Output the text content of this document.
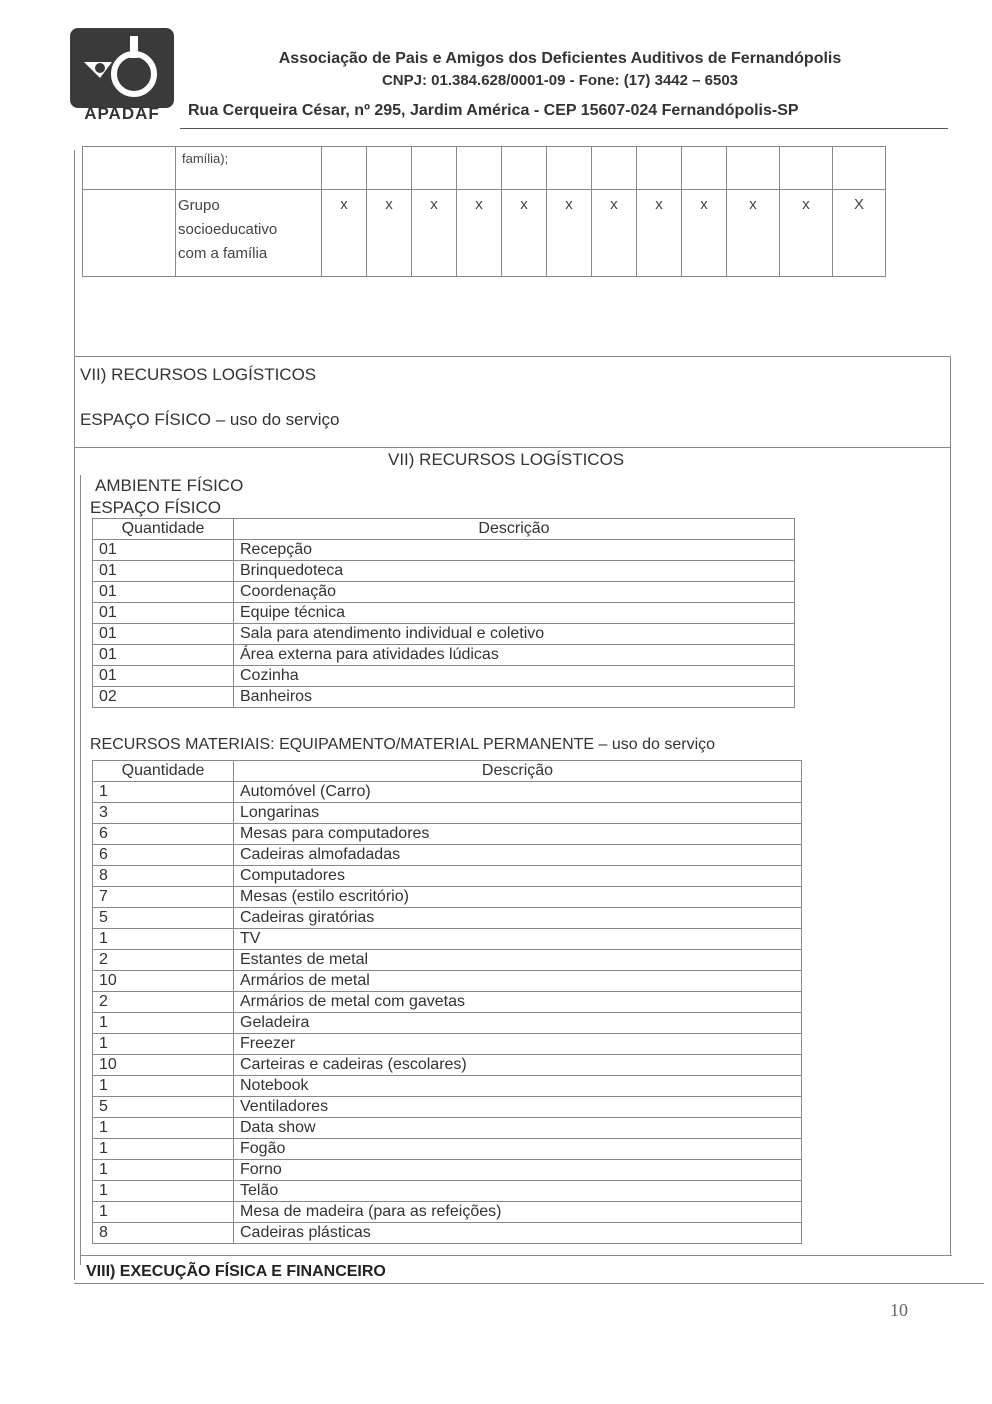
APADAF
Associação de Pais e Amigos dos Deficientes Auditivos de Fernandópolis
CNPJ: 01.384.628/0001-09 - Fone: (17) 3442 – 6503
Rua Cerqueira César, nº 295, Jardim América - CEP 15607-024 Fernandópolis-SP

	família);												

	Grupo
socioeducativo
com a família	x	x	x	x	x	x	x	x	x	x	x	X
VII) RECURSOS LOGÍSTICOS
ESPAÇO FÍSICO – uso do serviço
VII) RECURSOS LOGÍSTICOS
AMBIENTE FÍSICO
ESPAÇO FÍSICO
Quantidade	Descrição
01	Recepção
01	Brinquedoteca
01	Coordenação
01	Equipe técnica
01	Sala para atendimento individual e coletivo
01	Área externa para atividades lúdicas
01	Cozinha
02	Banheiros
RECURSOS MATERIAIS: EQUIPAMENTO/MATERIAL PERMANENTE – uso do serviço
Quantidade	Descrição
1	Automóvel (Carro)
3	Longarinas
6	Mesas para computadores
6	Cadeiras almofadadas
8	Computadores
7	Mesas (estilo escritório)
5	Cadeiras giratórias
1	TV
2	Estantes de metal
10	Armários de metal
2	Armários de metal com gavetas
1	Geladeira
1	Freezer
10	Carteiras e cadeiras (escolares)
1	Notebook
5	Ventiladores
1	Data show
1	Fogão
1	Forno
1	Telão
1	Mesa de madeira (para as refeições)
8	Cadeiras plásticas
VIII) EXECUÇÃO FÍSICA E FINANCEIRO
10
